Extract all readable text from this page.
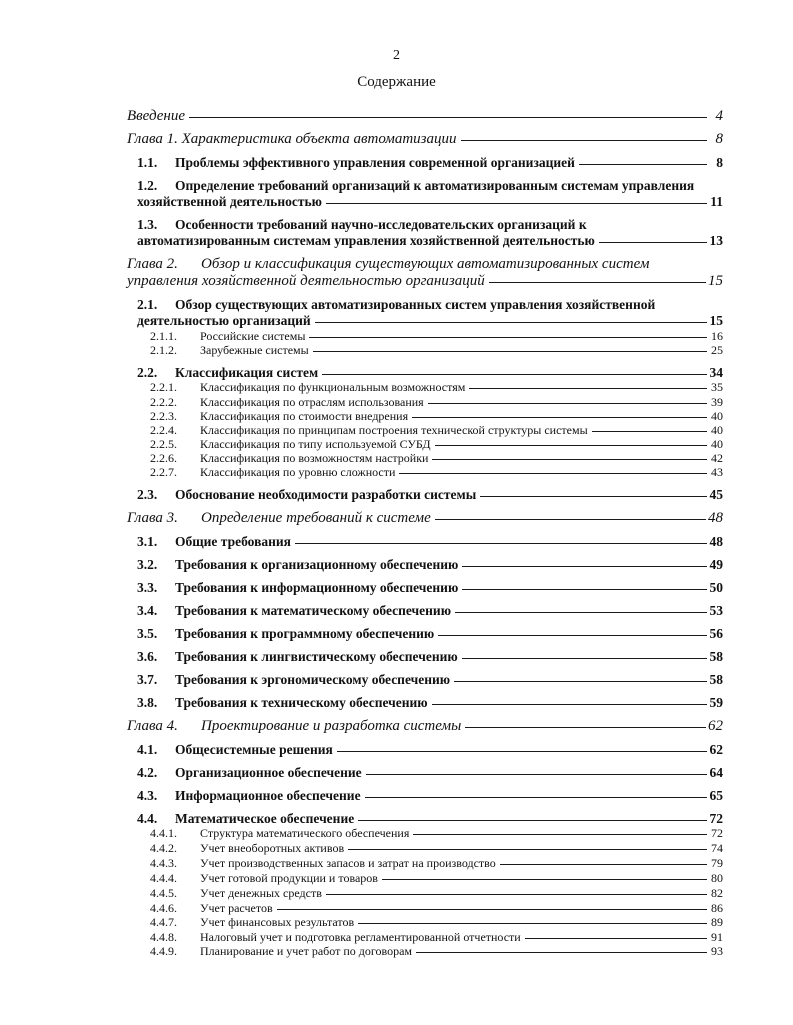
2
Содержание
Введение	4
Глава 1. Характеристика объекта автоматизации	8
1.1.	Проблемы эффективного управления современной организацией	8
1.2.	Определение требований организаций к автоматизированным системам управления
хозяйственной деятельностью	11
1.3.	Особенности требований научно-исследовательских организаций к
автоматизированным системам управления хозяйственной деятельностью	13
Глава 2.	Обзор и классификация существующих автоматизированных систем
управления хозяйственной деятельностью организаций	15
2.1.	Обзор существующих автоматизированных систем управления хозяйственной
деятельностью организаций	15
2.1.1.	Российские системы	16
2.1.2.	Зарубежные системы	25
2.2.	Классификация систем	34
2.2.1.	Классификация по функциональным возможностям	35
2.2.2.	Классификация по отраслям использования	39
2.2.3.	Классификация по стоимости внедрения	40
2.2.4.	Классификация по принципам построения технической структуры системы	40
2.2.5.	Классификация по типу используемой СУБД	40
2.2.6.	Классификация по возможностям настройки	42
2.2.7.	Классификация по уровню сложности	43
2.3.	Обоснование необходимости разработки системы	45
Глава 3.	Определение требований к системе	48
3.1.	Общие требования	48
3.2.	Требования к организационному обеспечению	49
3.3.	Требования к информационному обеспечению	50
3.4.	Требования к математическому обеспечению	53
3.5.	Требования к программному обеспечению	56
3.6.	Требования к лингвистическому обеспечению	58
3.7.	Требования к эргономическому обеспечению	58
3.8.	Требования к техническому обеспечению	59
Глава 4.	Проектирование и разработка системы	62
4.1.	Общесистемные решения	62
4.2.	Организационное обеспечение	64
4.3.	Информационное обеспечение	65
4.4.	Математическое обеспечение	72
4.4.1.	Структура математического обеспечения	72
4.4.2.	Учет внеоборотных активов	74
4.4.3.	Учет производственных запасов и затрат на производство	79
4.4.4.	Учет готовой продукции и товаров	80
4.4.5.	Учет денежных средств	82
4.4.6.	Учет расчетов	86
4.4.7.	Учет финансовых результатов	89
4.4.8.	Налоговый учет и подготовка регламентированной отчетности	91
4.4.9.	Планирование и учет работ по договорам	93
